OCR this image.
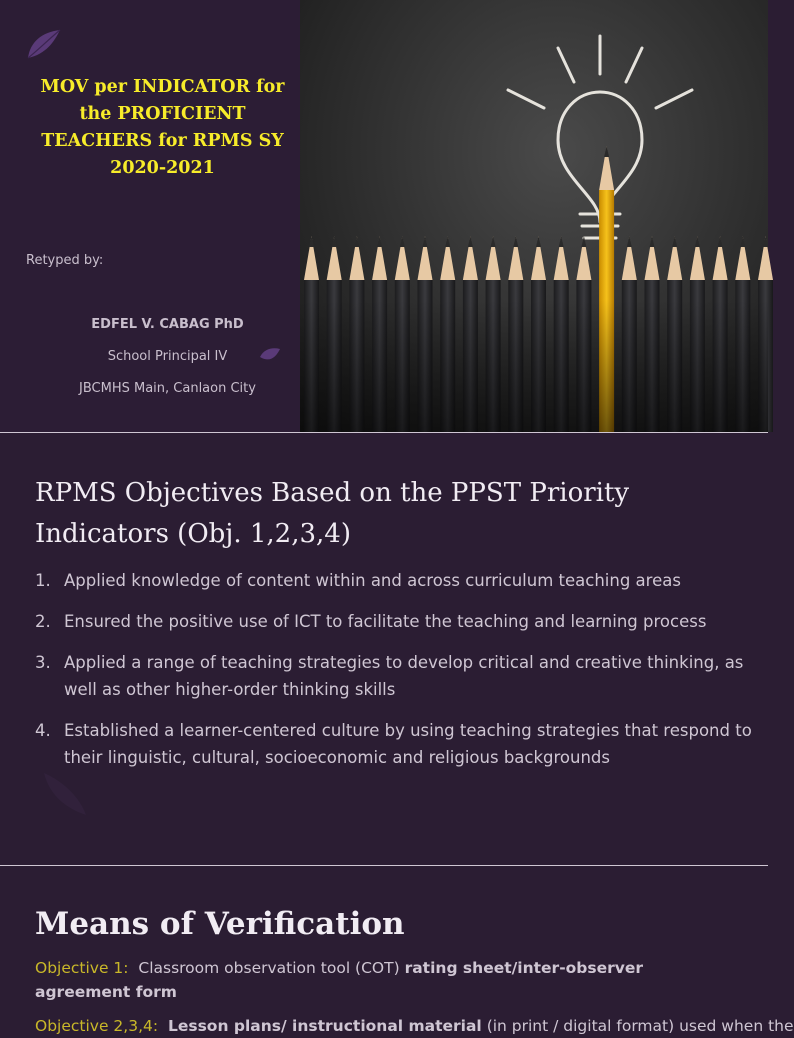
MOV per INDICATOR for the PROFICIENT TEACHERS for RPMS SY 2020-2021
Retyped by:
EDFEL V. CABAG PhD
School Principal IV
JBCMHS Main, Canlaon City
RPMS Objectives Based on the PPST Priority Indicators (Obj. 1,2,3,4)
1. Applied knowledge of content within and across curriculum teaching areas
2. Ensured the positive use of ICT to facilitate the teaching and learning process
3. Applied a range of teaching strategies to develop critical and creative thinking, as well as other higher-order thinking skills
4. Established a learner-centered culture by using teaching strategies that respond to their linguistic, cultural, socioeconomic and religious backgrounds
Means of Verification

Objective 1: Classroom observation tool (COT) rating sheet/inter-observer agreement form

Objective 2,3,4: Lesson plans/ instructional material (in print / digital format) used when the
